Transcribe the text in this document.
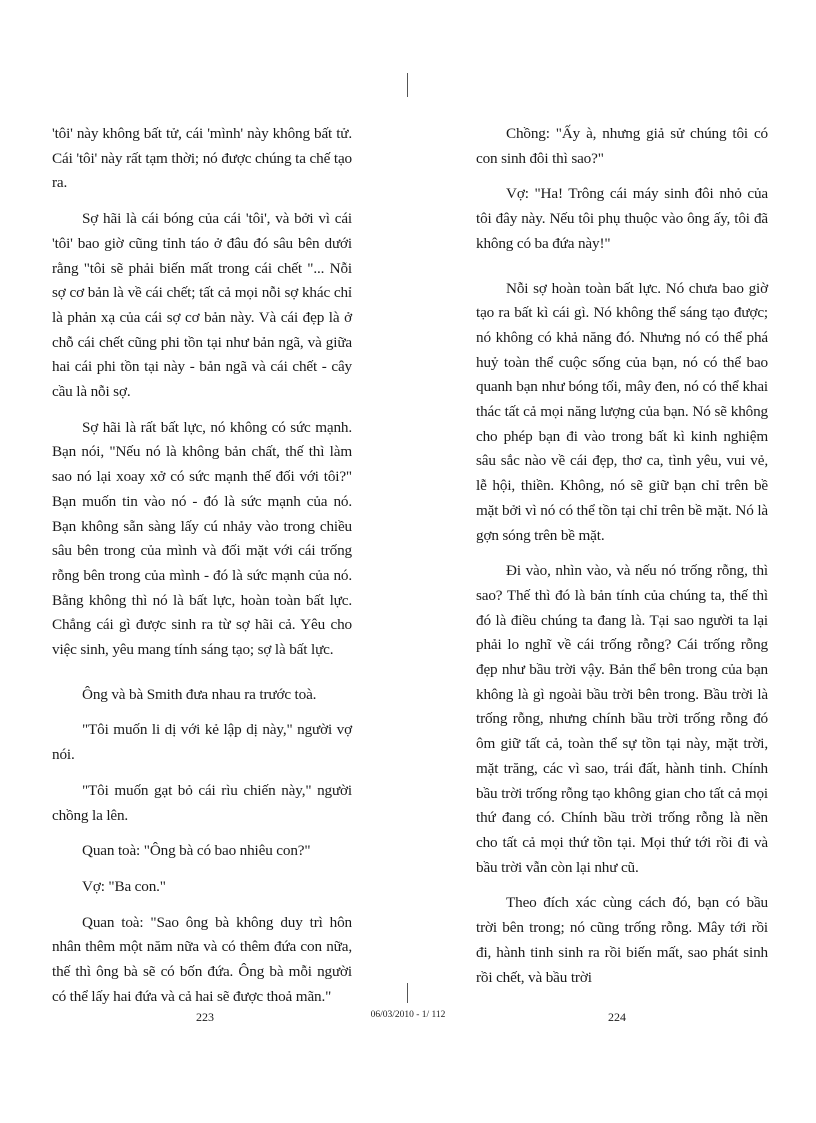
'tôi' này không bất tử, cái 'mình' này không bất tử. Cái 'tôi' này rất tạm thời; nó được chúng ta chế tạo ra.

Sợ hãi là cái bóng của cái 'tôi', và bởi vì cái 'tôi' bao giờ cũng tỉnh táo ở đâu đó sâu bên dưới rằng "tôi sẽ phải biến mất trong cái chết "... Nỗi sợ cơ bản là về cái chết; tất cả mọi nỗi sợ khác chỉ là phản xạ của cái sợ cơ bản này. Và cái đẹp là ở chỗ cái chết cũng phi tồn tại như bản ngã, và giữa hai cái phi tồn tại này - bản ngã và cái chết - cây cầu là nỗi sợ.

Sợ hãi là rất bất lực, nó không có sức mạnh. Bạn nói, "Nếu nó là không bản chất, thế thì làm sao nó lại xoay xở có sức mạnh thế đối với tôi?" Bạn muốn tin vào nó - đó là sức mạnh của nó. Bạn không sẵn sàng lấy cú nhảy vào trong chiều sâu bên trong của mình và đối mặt với cái trống rỗng bên trong của mình - đó là sức mạnh của nó. Bằng không thì nó là bất lực, hoàn toàn bất lực. Chẳng cái gì được sinh ra từ sợ hãi cả. Yêu cho việc sinh, yêu mang tính sáng tạo; sợ là bất lực.

Ông và bà Smith đưa nhau ra trước toà.

"Tôi muốn li dị với kẻ lập dị này," người vợ nói.

"Tôi muốn gạt bỏ cái rìu chiến này," người chồng la lên.

Quan toà: "Ông bà có bao nhiêu con?"

Vợ: "Ba con."

Quan toà: "Sao ông bà không duy trì hôn nhân thêm một năm nữa và có thêm đứa con nữa, thế thì ông bà sẽ có bốn đứa. Ông bà mỗi người có thể lấy hai đứa và cả hai sẽ được thoả mãn."

Chồng: "Ấy à, nhưng giả sử chúng tôi có con sinh đôi thì sao?"

Vợ: "Ha! Trông cái máy sinh đôi nhỏ của tôi đây này. Nếu tôi phụ thuộc vào ông ấy, tôi đã không có ba đứa này!"

Nỗi sợ hoàn toàn bất lực. Nó chưa bao giờ tạo ra bất kì cái gì. Nó không thể sáng tạo được; nó không có khả năng đó. Nhưng nó có thể phá huỷ toàn thể cuộc sống của bạn, nó có thể bao quanh bạn như bóng tối, mây đen, nó có thể khai thác tất cả mọi năng lượng của bạn. Nó sẽ không cho phép bạn đi vào trong bất kì kinh nghiệm sâu sắc nào về cái đẹp, thơ ca, tình yêu, vui vẻ, lễ hội, thiền. Không, nó sẽ giữ bạn chỉ trên bề mặt bởi vì nó có thể tồn tại chỉ trên bề mặt. Nó là gợn sóng trên bề mặt.

Đi vào, nhìn vào, và nếu nó trống rỗng, thì sao? Thế thì đó là bản tính của chúng ta, thế thì đó là điều chúng ta đang là. Tại sao người ta lại phải lo nghĩ về cái trống rỗng? Cái trống rỗng đẹp như bầu trời vậy. Bản thể bên trong của bạn không là gì ngoài bầu trời bên trong. Bầu trời là trống rỗng, nhưng chính bầu trời trống rỗng đó ôm giữ tất cả, toàn thể sự tồn tại này, mặt trời, mặt trăng, các vì sao, trái đất, hành tinh. Chính bầu trời trống rỗng tạo không gian cho tất cả mọi thứ đang có. Chính bầu trời trống rỗng là nền cho tất cả mọi thứ tồn tại. Mọi thứ tới rồi đi và bầu trời vẫn còn lại như cũ.

Theo đích xác cùng cách đó, bạn có bầu trời bên trong; nó cũng trống rỗng. Mây tới rồi đi, hành tinh sinh ra rồi biến mất, sao phát sinh rồi chết, và bầu trời

223	06/03/2010 - 1/ 112	224
